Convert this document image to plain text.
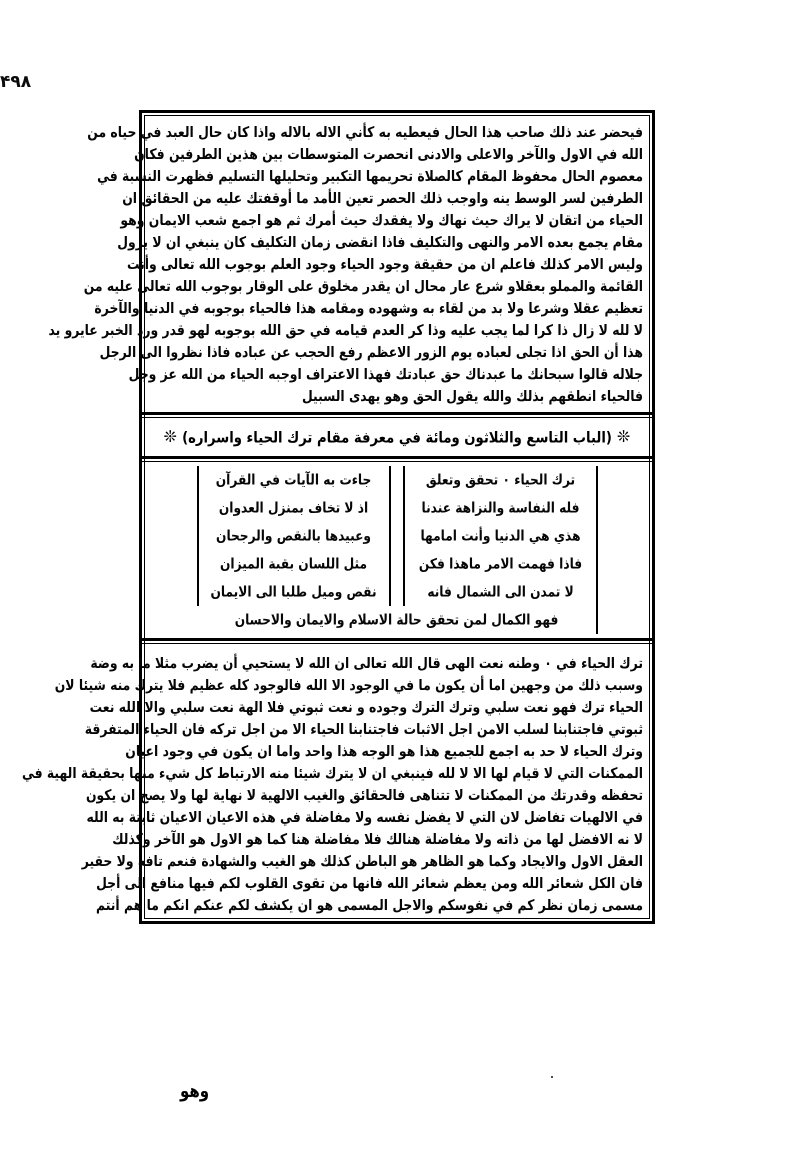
۴۹۸
فيحضر عند ذلك صاحب هذا الحال فيعطيه به كأني الاله بالاله واذا كان حال العبد في حياه من
الله في الاول والآخر والاعلى والادنى انحصرت المتوسطات بين هذين الطرفين فكان
معصوم الحال محفوظ المقام كالصلاة تحريمها التكبير وتحليلها التسليم فظهرت النسبة في
الطرفين لسر الوسط ينه واوجب ذلك الحصر تعين الأمد ما أوقفتك عليه من الحقائق ان
الحياء من اتقان لا يراك حيث نهاك ولا يفقدك حيث أمرك ثم هو اجمع شعب الايمان وهو
مقام يجمع بعده الامر والنهى والتكليف فاذا انقضى زمان التكليف كان ينبغي ان لا يزول
وليس الامر كذلك فاعلم ان من حقيقة وجود الحياء وجود العلم بوجوب الله تعالى وأنت
القائمة والمملو بعقلاو شرع عار محال ان يقدر مخلوق على الوقار بوجوب الله تعالى عليه من
تعظيم عقلا وشرعا ولا بد من لقاء به وشهوده ومقامه هذا فالحياء بوجوبه في الدنيا والآخرة
لا لله لا زال ذا كرا لما يجب عليه وذا كر العدم قيامه في حق الله بوجوبه لهو قدر ورد الخبر عايرو يد
هذا أن الحق اذا تجلى لعباده يوم الزور الاعظم رفع الحجب عن عباده فاذا نظروا الى الرجل
جلاله قالوا سبحانك ما عبدناك حق عبادتك فهذا الاعتراف اوجبه الحياء من الله عز وجل
فالحياء انطقهم بذلك والله يقول الحق وهو يهدى السبيل
❊ (الباب التاسع والثلاثون ومائة في معرفة مقام ترك الحياء واسراره) ❊

	ترك الحياء ۰ تحقق وتعلق		جاءت به الآيات في القرآن	

	فله النفاسة والنزاهة عندنا		اذ لا تخاف بمنزل العدوان	

	هذي هي الدنيا وأنت امامها		وعبيدها بالنقص والرجحان	

	فاذا فهمت الامر ماهذا فكن		مثل اللسان بقبة الميزان	

	لا تمدن الى الشمال فانه		نقص وميل طلبا الى الايمان	

	فهو الكمال لمن تحقق حالة الاسلام والايمان والاحسان			

ترك الحياء في ۰ وطنه نعت الهى قال الله تعالى ان الله لا يستحيي أن يضرب مثلا ما به وضة
وسبب ذلك من وجهين اما أن يكون ما في الوجود الا الله فالوجود كله عظيم فلا يترك منه شيئا لان
الحياء ترك فهو نعت سلبي وترك الترك وجوده و نعت ثبوتي فلا الهة نعت سلبي والا الله نعت
ثبوتي فاجتنابنا لسلب الامن اجل الاثبات فاجتنابنا الحياء الا من اجل تركه فان الحياء المتفرقة
وترك الحياء لا حد به اجمع للجميع هذا هو الوجه هذا واحد واما ان يكون في وجود اعيان
الممكنات التي لا قيام لها الا لا لله فينبغي ان لا يترك شيئا منه الارتباط كل شيء منها بحقيقة الهية في
تحفظه وقدرتك من الممكنات لا تتناهى فالحقائق والغيب الالهية لا نهاية لها ولا يصح ان يكون
في الالهيات تفاضل لان التي لا يفضل نفسه ولا مفاضلة في هذه الاعيان الاعيان ثابتة به الله
لا نه الافضل لها من ذاته ولا مفاضلة هنالك فلا مفاضلة هنا كما هو الاول هو الآخر وكذلك
العقل الاول والايجاد وكما هو الظاهر هو الباطن كذلك هو الغيب والشهادة فنعم تافه ولا حقير
فان الكل شعائر الله ومن يعظم شعائر الله فانها من تقوى القلوب لكم فيها منافع الى أجل
مسمى زمان نظر كم في نفوسكم والاجل المسمى هو ان يكشف لكم عنكم انكم ما هم أنتم
وهو
